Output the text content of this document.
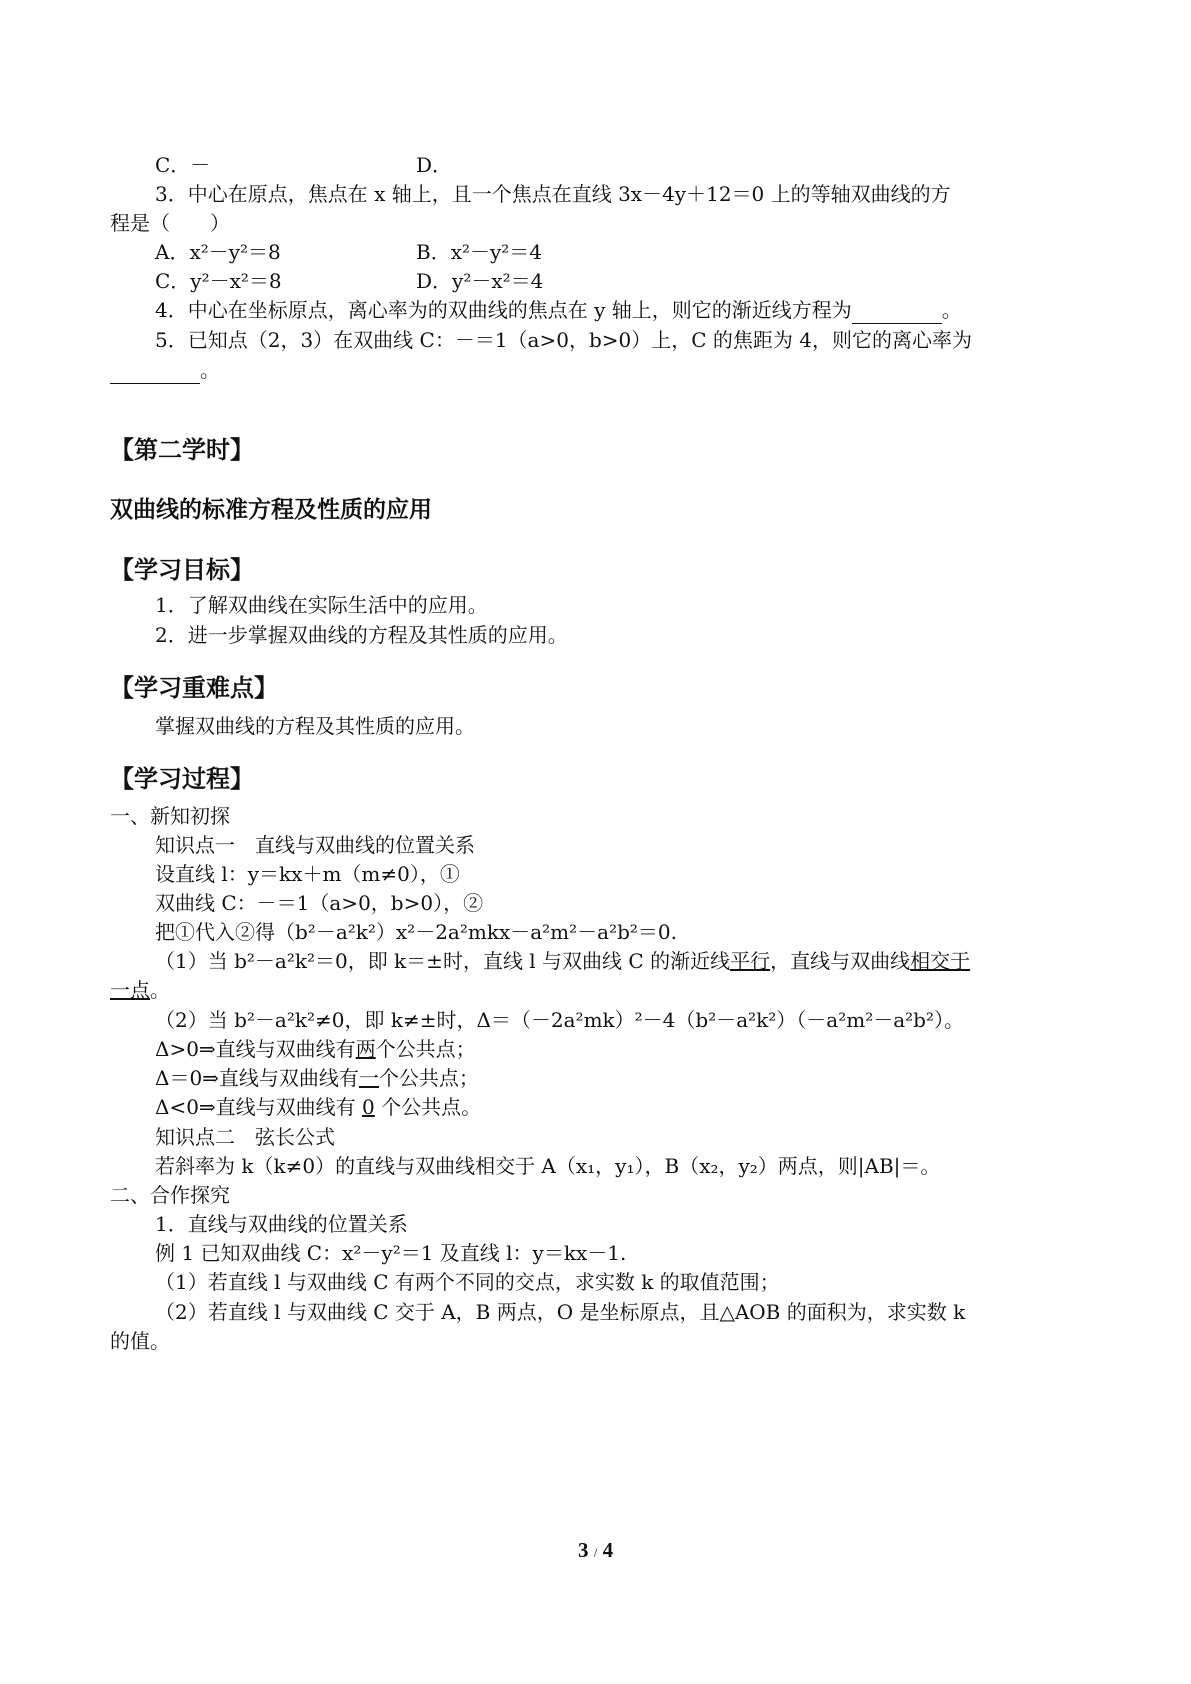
C．－	D．
3．中心在原点，焦点在 x 轴上，且一个焦点在直线 3x－4y＋12＝0 上的等轴双曲线的方
程是（　　）
A．x²－y²＝8	B．x²－y²＝4
C．y²－x²＝8	D．y²－x²＝4
4．中心在坐标原点，离心率为的双曲线的焦点在 y 轴上，则它的渐近线方程为	。
5．已知点（2，3）在双曲线 C：－＝1（a>0，b>0）上，C 的焦距为 4，则它的离心率为
。
【第二学时】
双曲线的标准方程及性质的应用
【学习目标】
1．了解双曲线在实际生活中的应用。
2．进一步掌握双曲线的方程及其性质的应用。
【学习重难点】
掌握双曲线的方程及其性质的应用。
【学习过程】
一、新知初探
知识点一　直线与双曲线的位置关系
设直线 l：y＝kx＋m（m≠0），①
双曲线 C：－＝1（a>0，b>0），②
把①代入②得（b²－a²k²）x²－2a²mkx－a²m²－a²b²＝0.
（1）当 b²－a²k²＝0，即 k＝±时，直线 l 与双曲线 C 的渐近线平行，直线与双曲线相交于
一点。
（2）当 b²－a²k²≠0，即 k≠±时，Δ＝（－2a²mk）²－4（b²－a²k²）（－a²m²－a²b²）。
Δ>0⇒直线与双曲线有两个公共点；
Δ＝0⇒直线与双曲线有一个公共点；
Δ<0⇒直线与双曲线有 0 个公共点。
知识点二　弦长公式
若斜率为 k（k≠0）的直线与双曲线相交于 A（x₁，y₁），B（x₂，y₂）两点，则|AB|＝。
二、合作探究
1．直线与双曲线的位置关系
例 1 已知双曲线 C：x²－y²＝1 及直线 l：y＝kx－1.
（1）若直线 l 与双曲线 C 有两个不同的交点，求实数 k 的取值范围；
（2）若直线 l 与双曲线 C 交于 A，B 两点，O 是坐标原点，且△AOB 的面积为，求实数 k
的值。
3 / 4
